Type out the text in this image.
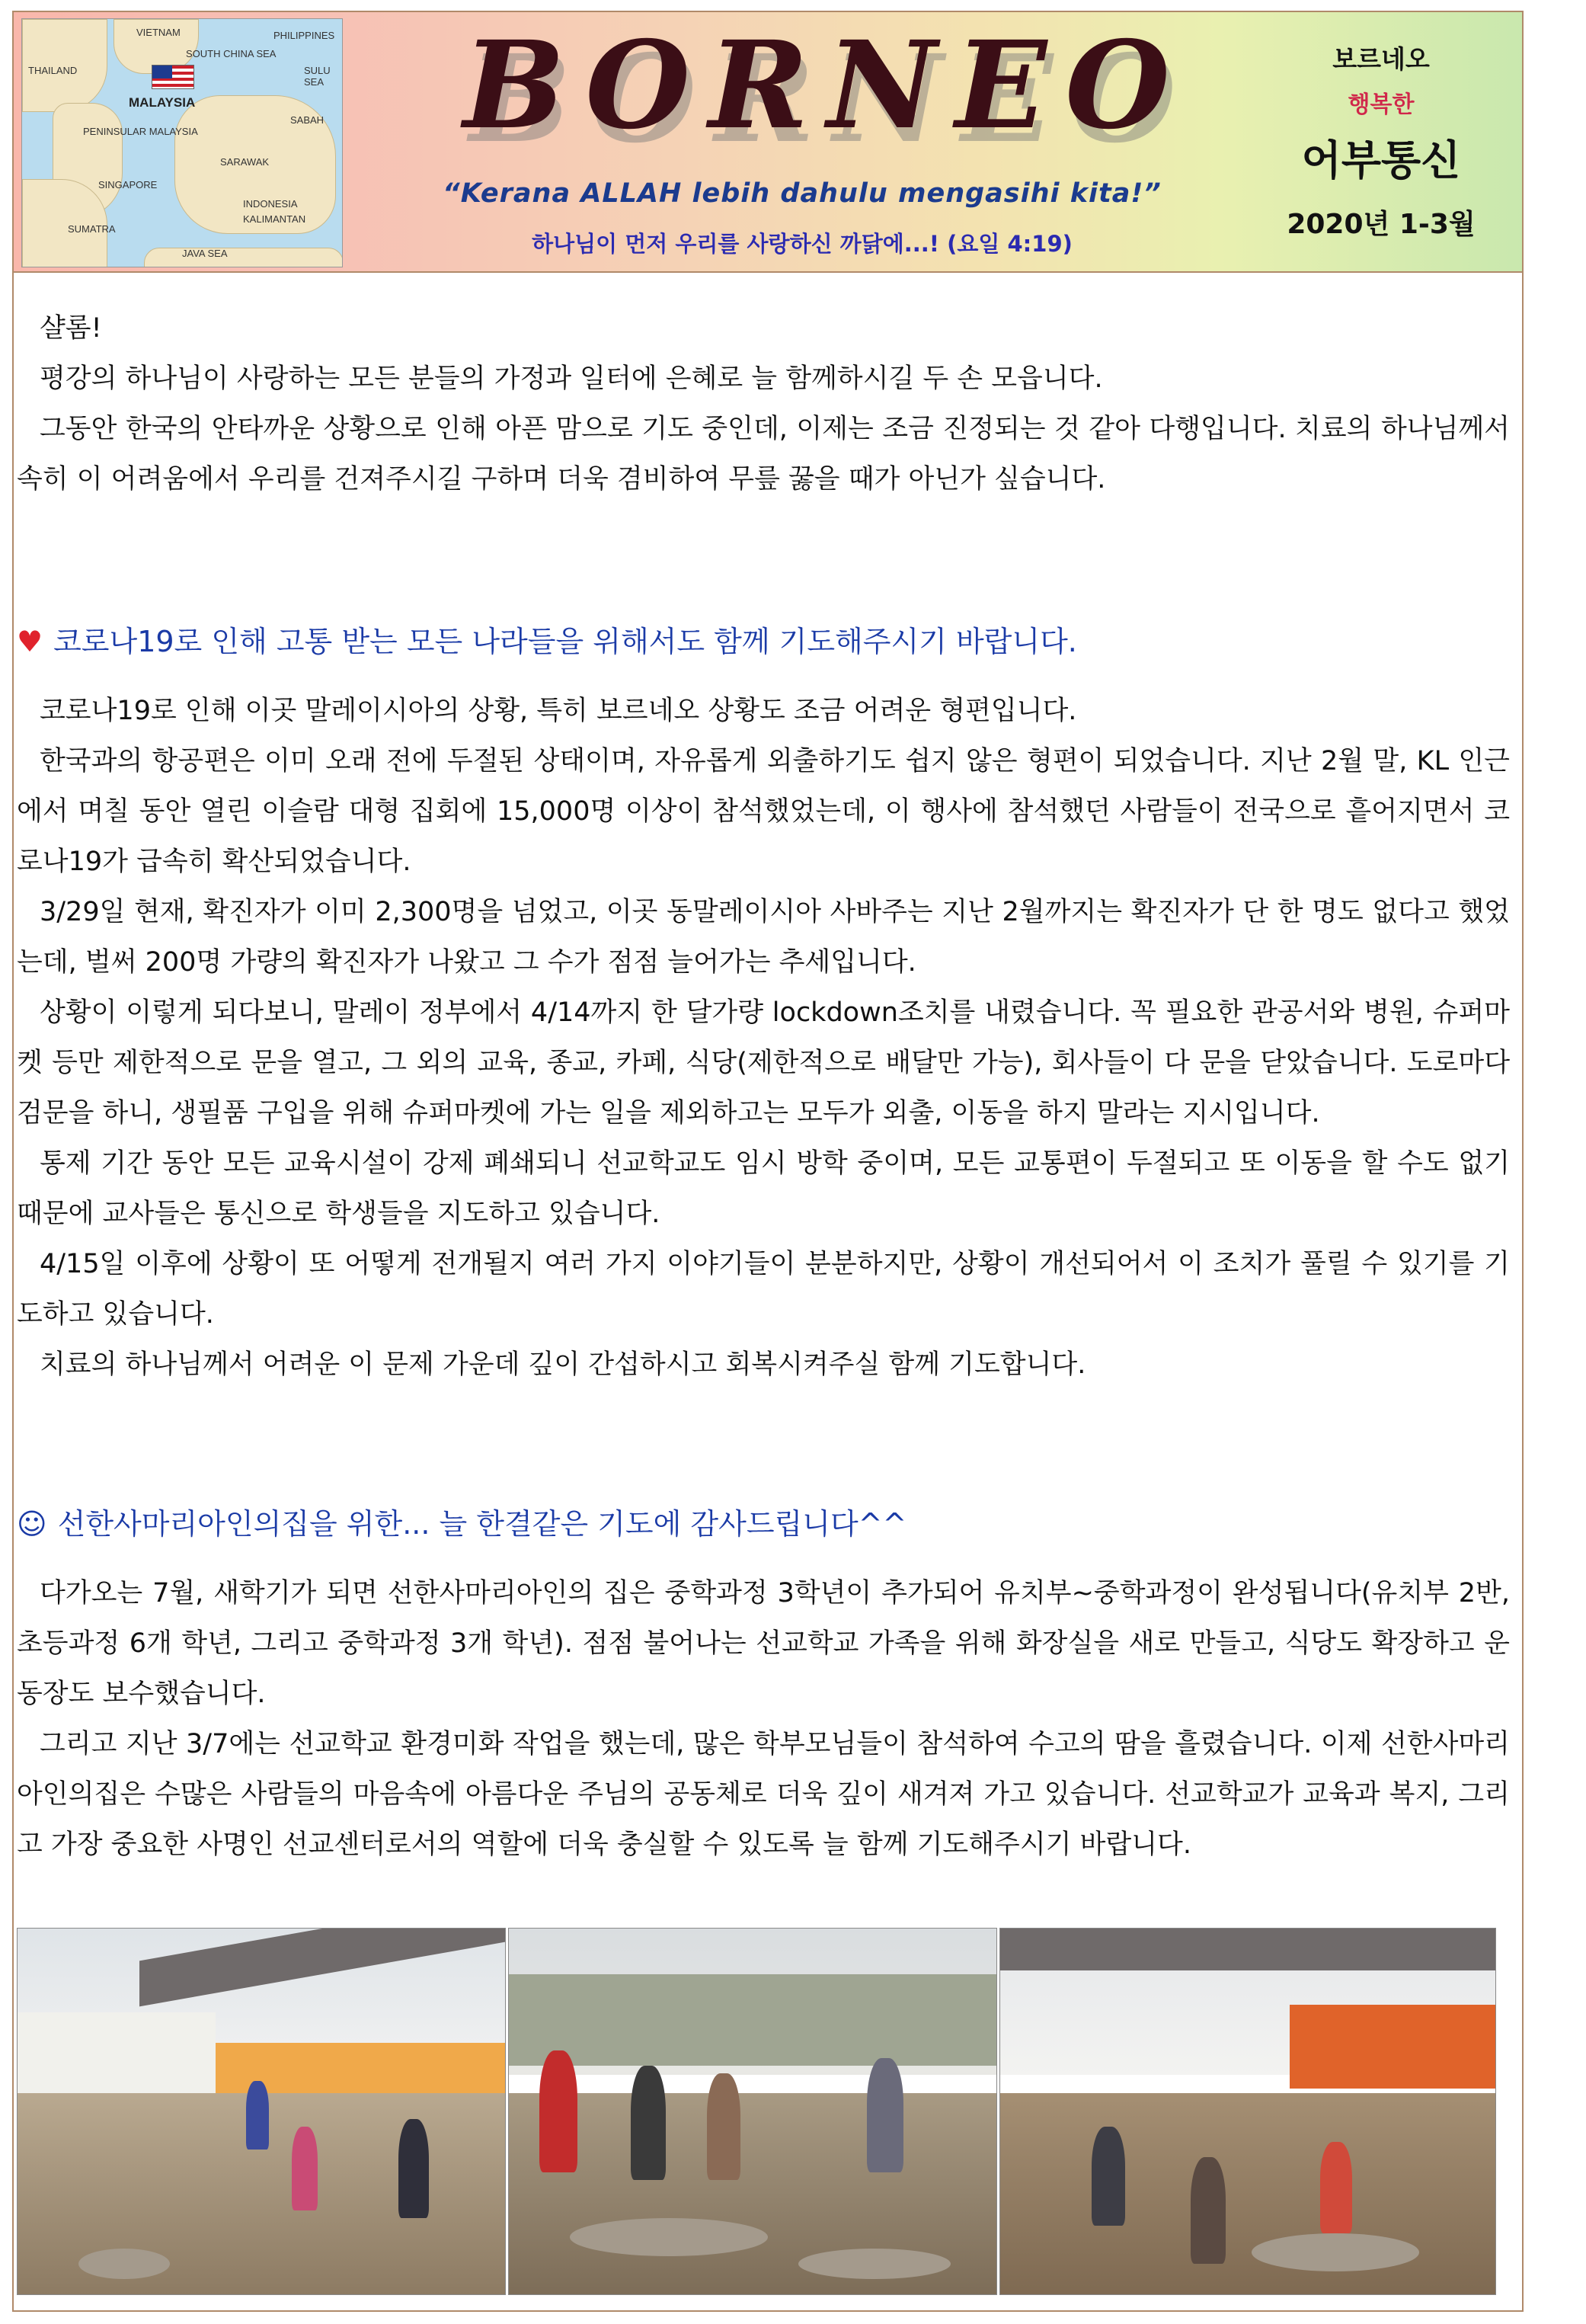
VIETNAM
SOUTH CHINA SEA
PHILIPPINES
THAILAND
MALAYSIA
SULU SEA
SABAH
PENINSULAR MALAYSIA
SARAWAK
SINGAPORE
INDONESIA
KALIMANTAN
SUMATRA
JAVA SEA
BORNEO
“Kerana ALLAH lebih dahulu mengasihi kita!”
하나님이 먼저 우리를 사랑하신 까닭에...! (요일 4:19)
보르네오
행복한
어부통신
2020년 1-3월

샬롬!

평강의 하나님이 사랑하는 모든 분들의 가정과 일터에 은혜로 늘 함께하시길 두 손 모읍니다.

그동안 한국의 안타까운 상황으로 인해 아픈 맘으로 기도 중인데, 이제는 조금 진정되는 것 같아 다행입니다. 치료의 하나님께서 속히 이 어려움에서 우리를 건져주시길 구하며 더욱 겸비하여 무릎 꿇을 때가 아닌가 싶습니다.

♥ 코로나19로 인해 고통 받는 모든 나라들을 위해서도 함께 기도해주시기 바랍니다.

코로나19로 인해 이곳 말레이시아의 상황, 특히 보르네오 상황도 조금 어려운 형편입니다.

한국과의 항공편은 이미 오래 전에 두절된 상태이며, 자유롭게 외출하기도 쉽지 않은 형편이 되었습니다. 지난 2월 말, KL 인근에서 며칠 동안 열린 이슬람 대형 집회에 15,000명 이상이 참석했었는데, 이 행사에 참석했던 사람들이 전국으로 흩어지면서 코로나19가 급속히 확산되었습니다.

3/29일 현재, 확진자가 이미 2,300명을 넘었고, 이곳 동말레이시아 사바주는 지난 2월까지는 확진자가 단 한 명도 없다고 했었는데, 벌써 200명 가량의 확진자가 나왔고 그 수가 점점 늘어가는 추세입니다.

상황이 이렇게 되다보니, 말레이 정부에서 4/14까지 한 달가량 lockdown조치를 내렸습니다. 꼭 필요한 관공서와 병원, 슈퍼마켓 등만 제한적으로 문을 열고, 그 외의 교육, 종교, 카페, 식당(제한적으로 배달만 가능), 회사들이 다 문을 닫았습니다. 도로마다 검문을 하니, 생필품 구입을 위해 슈퍼마켓에 가는 일을 제외하고는 모두가 외출, 이동을 하지 말라는 지시입니다.

통제 기간 동안 모든 교육시설이 강제 폐쇄되니 선교학교도 임시 방학 중이며, 모든 교통편이 두절되고 또 이동을 할 수도 없기 때문에 교사들은 통신으로 학생들을 지도하고 있습니다.

4/15일 이후에 상황이 또 어떻게 전개될지 여러 가지 이야기들이 분분하지만, 상황이 개선되어서 이 조치가 풀릴 수 있기를 기도하고 있습니다.

치료의 하나님께서 어려운 이 문제 가운데 깊이 간섭하시고 회복시켜주실 함께 기도합니다.

☺ 선한사마리아인의집을 위한... 늘 한결같은 기도에 감사드립니다^^

다가오는 7월, 새학기가 되면 선한사마리아인의 집은 중학과정 3학년이 추가되어 유치부~중학과정이 완성됩니다(유치부 2반, 초등과정 6개 학년, 그리고 중학과정 3개 학년). 점점 불어나는 선교학교 가족을 위해 화장실을 새로 만들고, 식당도 확장하고 운동장도 보수했습니다.

그리고 지난 3/7에는 선교학교 환경미화 작업을 했는데, 많은 학부모님들이 참석하여 수고의 땀을 흘렸습니다. 이제 선한사마리아인의집은 수많은 사람들의 마음속에 아름다운 주님의 공동체로 더욱 깊이 새겨져 가고 있습니다. 선교학교가 교육과 복지, 그리고 가장 중요한 사명인 선교센터로서의 역할에 더욱 충실할 수 있도록 늘 함께 기도해주시기 바랍니다.
